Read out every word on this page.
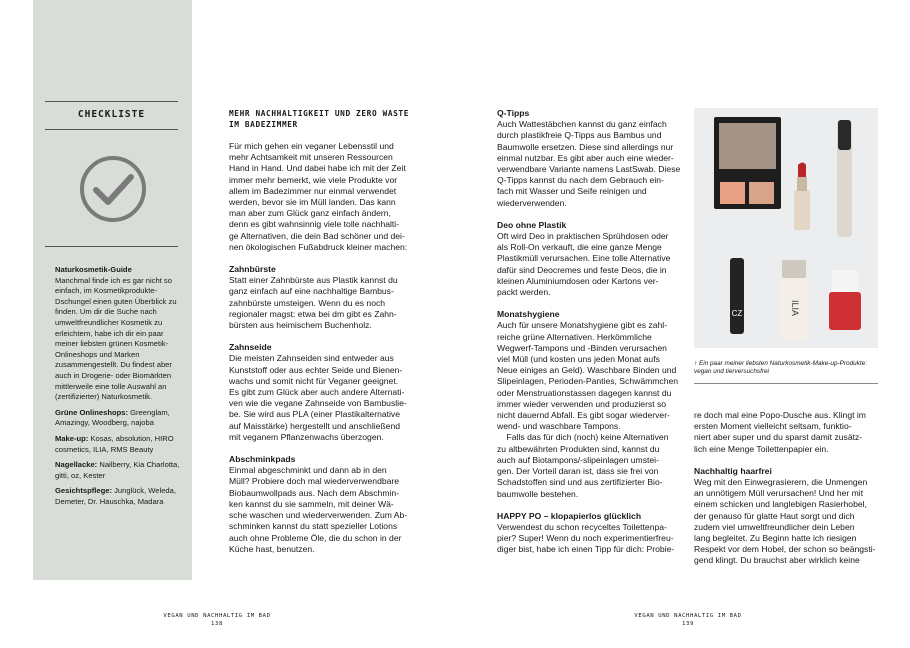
CHECKLISTE

Naturkosmetik-Guide
Manchmal finde ich es gar nicht so einfach, im Kosmetikprodukte-Dschungel einen guten Überblick zu finden. Um dir die Suche nach umweltfreundlicher Kosmetik zu erleichtern, habe ich dir ein paar meiner liebsten grünen Kosmetik-Onlineshops und Marken zusammengestellt. Du findest aber auch in Drogerie- oder Biomärkten mittlerweile eine tolle Auswahl an (zertifizierter) Naturkosmetik.

Grüne Onlineshops: Greenglam, Amazingy, Woodberg, najoba

Make-up: Kosas, absolution, HIRO cosmetics, ILIA, RMS Beauty

Nagellacke: Nailberry, Kia Charlotta, gitti, oz, Kester

Gesichtspflege: Junglück, Weleda, Demeter, Dr. Hauschka, Madara

MEHR NACHHALTIGKEIT UND ZERO WASTE
IM BADEZIMMER
Für mich gehen ein veganer Lebensstil und
mehr Achtsamkeit mit unseren Ressourcen
Hand in Hand. Und dabei habe ich mit der Zeit
immer mehr bemerkt, wie viele Produkte vor
allem im Badezimmer nur einmal verwendet
werden, bevor sie im Müll landen. Das kann
man aber zum Glück ganz einfach ändern,
denn es gibt wahnsinnig viele tolle nachhalti-
ge Alternativen, die dein Bad schöner und dei-
nen ökologischen Fußabdruck kleiner machen:

Zahnbürste

Statt einer Zahnbürste aus Plastik kannst du
ganz einfach auf eine nachhaltige Bambus-
zahnbürste umsteigen. Wenn du es noch
regionaler magst: etwa bei dm gibt es Zahn-
bürsten aus heimischem Buchenholz.

Zahnseide

Die meisten Zahnseiden sind entweder aus
Kunststoff oder aus echter Seide und Bienen-
wachs und somit nicht für Veganer geeignet.
Es gibt zum Glück aber auch andere Alternati-
ven wie die vegane Zahnseide von Bambuslie-
be. Sie wird aus PLA (einer Plastikalternative
auf Maisstärke) hergestellt und anschließend
mit veganem Pflanzenwachs überzogen.

Abschminkpads

Einmal abgeschminkt und dann ab in den
Müll? Probiere doch mal wiederverwendbare
Biobaumwollpads aus. Nach dem Abschmin-
ken kannst du sie sammeln, mit deiner Wä-
sche waschen und wiederverwenden. Zum Ab-
schminken kannst du statt spezieller Lotions
auch ohne Probleme Öle, die du schon in der
Küche hast, benutzen.

Q-Tipps

Auch Wattestäbchen kannst du ganz einfach
durch plastikfreie Q-Tipps aus Bambus und
Baumwolle ersetzen. Diese sind allerdings nur
einmal nutzbar. Es gibt aber auch eine wieder-
verwendbare Variante namens LastSwab. Diese
Q-Tipps kannst du nach dem Gebrauch ein-
fach mit Wasser und Seife reinigen und
wiederverwenden.

Deo ohne Plastik

Oft wird Deo in praktischen Sprühdosen oder
als Roll-On verkauft, die eine ganze Menge
Plastikmüll verursachen. Eine tolle Alternative
dafür sind Deocremes und feste Deos, die in
kleinen Aluminiumdosen oder Kartons ver-
packt werden.

Monatshygiene

Auch für unsere Monatshygiene gibt es zahl-
reiche grüne Alternativen. Herkömmliche
Wegwerf-Tampons und -Binden verursachen
viel Müll (und kosten uns jeden Monat aufs
Neue einiges an Geld). Waschbare Binden und
Slipeinlagen, Perioden-Panties, Schwämmchen
oder Menstruationstassen dagegen kannst du
immer wieder verwenden und produzierst so
nicht dauernd Abfall. Es gibt sogar wiederver-
wend- und waschbare Tampons.
Falls das für dich (noch) keine Alternativen
zu altbewährten Produkten sind, kannst du
auch auf Biotampons/-slipeinlagen umstei-
gen. Der Vorteil daran ist, dass sie frei von
Schadstoffen sind und aus zertifizierter Bio-
baumwolle bestehen.

HAPPY PO – klopapierlos glücklich

Verwendest du schon recyceltes Toilettenpa-
pier? Super! Wenn du noch experimentierfreu-
diger bist, habe ich einen Tipp für dich: Probie-
CZ	ILIA
↑ Ein paar meiner liebsten Naturkosmetik-Make-up-Produkte: vegan und tierversuchsfrei
re doch mal eine Popo-Dusche aus. Klingt im
ersten Moment vielleicht seltsam, funktio-
niert aber super und du sparst damit zusätz-
lich eine Menge Toilettenpapier ein.

Nachhaltig haarfrei

Weg mit den Einwegrasierern, die Unmengen
an unnötigem Müll verursachen! Und her mit
einem schicken und langlebigen Rasierhobel,
der genauso für glatte Haut sorgt und dich
zudem viel umweltfreundlicher dein Leben
lang begleitet. Zu Beginn hatte ich riesigen
Respekt vor dem Hobel, der schon so beängsti-
gend klingt. Du brauchst aber wirklich keine
VEGAN UND NACHHALTIG IM BAD
138
VEGAN UND NACHHALTIG IM BAD
139
